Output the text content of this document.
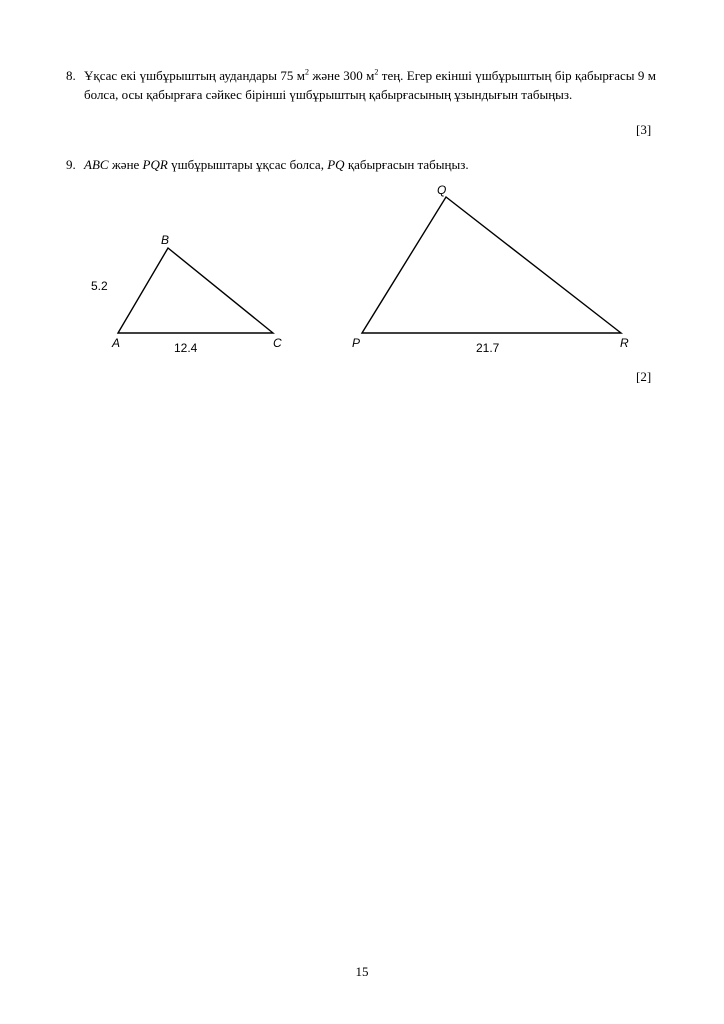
8. Ұқсас екі үшбұрыштың аудандары 75 $м^2$ және 300 $м^2$ тең. Егер екінші үшбұрыштың бір қабырғасы 9 м болса, осы қабырғаға сәйкес бірінші үшбұрыштың қабырғасының ұзындығын табыңыз.
[3]
9. ABC және PQR үшбұрыштары ұқсас болса, PQ қабырғасын табыңыз.
B
A	C
5.2
12.4
Q
P	R
21.7
[2]
15
